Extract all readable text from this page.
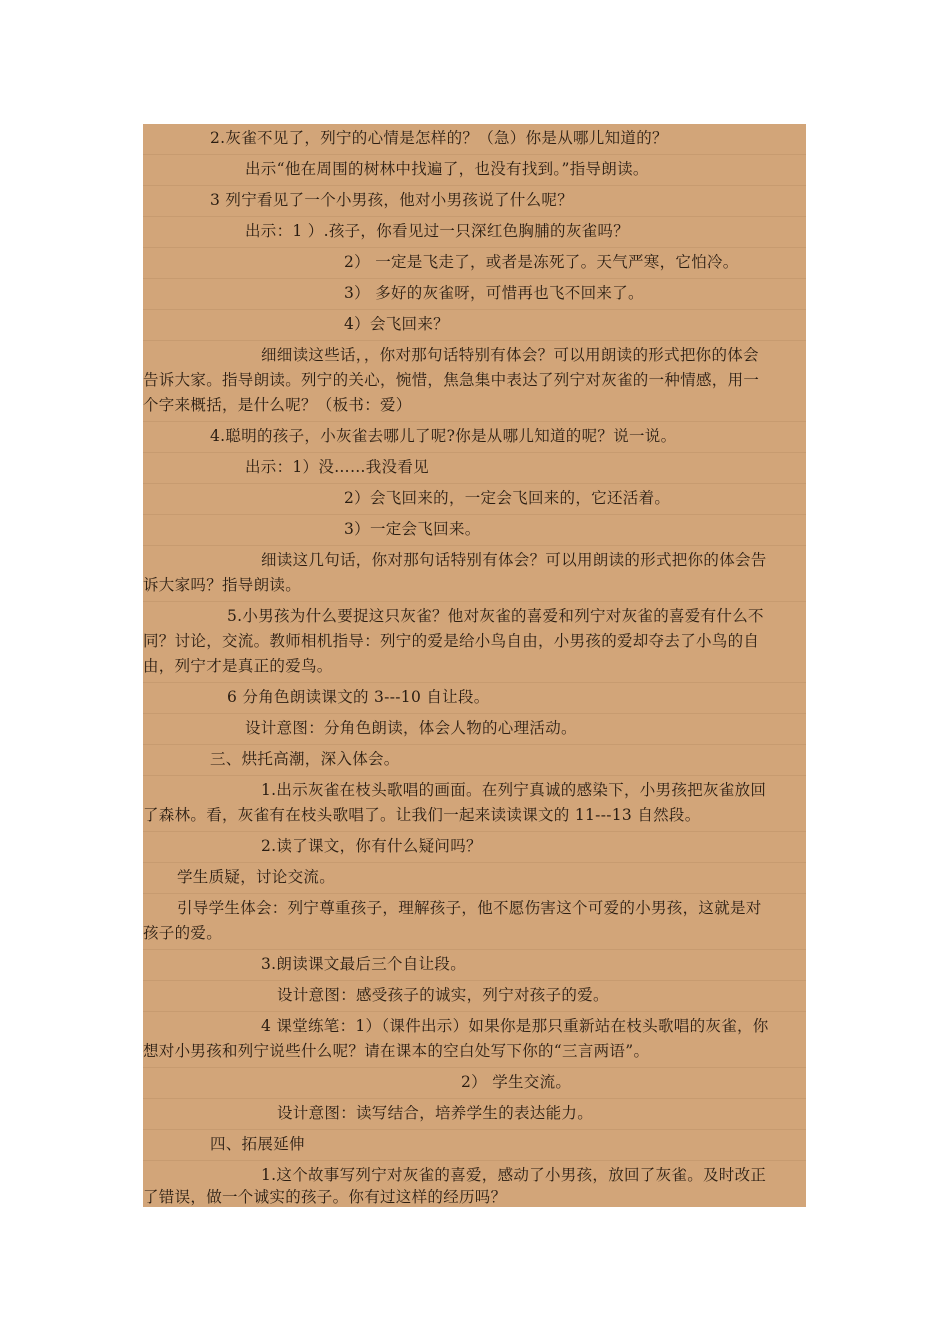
2.灰雀不见了，列宁的心情是怎样的？（急）你是从哪儿知道的？
出示“他在周围的树林中找遍了，也没有找到。”指导朗读。
3 列宁看见了一个小男孩，他对小男孩说了什么呢？
出示：1 ）.孩子，你看见过一只深红色胸脯的灰雀吗？
2） 一定是飞走了，或者是冻死了。天气严寒，它怕冷。
3） 多好的灰雀呀，可惜再也飞不回来了。
4）会飞回来？
细细读这些话，，你对那句话特别有体会？可以用朗读的形式把你的体会
告诉大家。指导朗读。列宁的关心，惋惜，焦急集中表达了列宁对灰雀的一种情感，用一
个字来概括，是什么呢？（板书：爱）
4.聪明的孩子，小灰雀去哪儿了呢?你是从哪儿知道的呢？说一说。
出示：1）没……我没看见
2）会飞回来的，一定会飞回来的，它还活着。
3）一定会飞回来。
细读这几句话，你对那句话特别有体会？可以用朗读的形式把你的体会告
诉大家吗？指导朗读。
5.小男孩为什么要捉这只灰雀？他对灰雀的喜爱和列宁对灰雀的喜爱有什么不
同？讨论，交流。教师相机指导：列宁的爱是给小鸟自由，小男孩的爱却夺去了小鸟的自
由，列宁才是真正的爱鸟。
6 分角色朗读课文的 3---10 自让段。
设计意图：分角色朗读，体会人物的心理活动。
三、烘托高潮，深入体会。
1.出示灰雀在枝头歌唱的画面。在列宁真诚的感染下，小男孩把灰雀放回
了森林。看，灰雀有在枝头歌唱了。让我们一起来读读课文的 11---13 自然段。
2.读了课文，你有什么疑问吗？
学生质疑，讨论交流。
引导学生体会：列宁尊重孩子，理解孩子，他不愿伤害这个可爱的小男孩，这就是对
孩子的爱。
3.朗读课文最后三个自让段。
设计意图：感受孩子的诚实，列宁对孩子的爱。
4 课堂练笔：1）（课件出示）如果你是那只重新站在枝头歌唱的灰雀，你
想对小男孩和列宁说些什么呢？请在课本的空白处写下你的“三言两语”。
2） 学生交流。
设计意图：读写结合，培养学生的表达能力。
四、拓展延伸
1.这个故事写列宁对灰雀的喜爱，感动了小男孩，放回了灰雀。及时改正
了错误，做一个诚实的孩子。你有过这样的经历吗？
